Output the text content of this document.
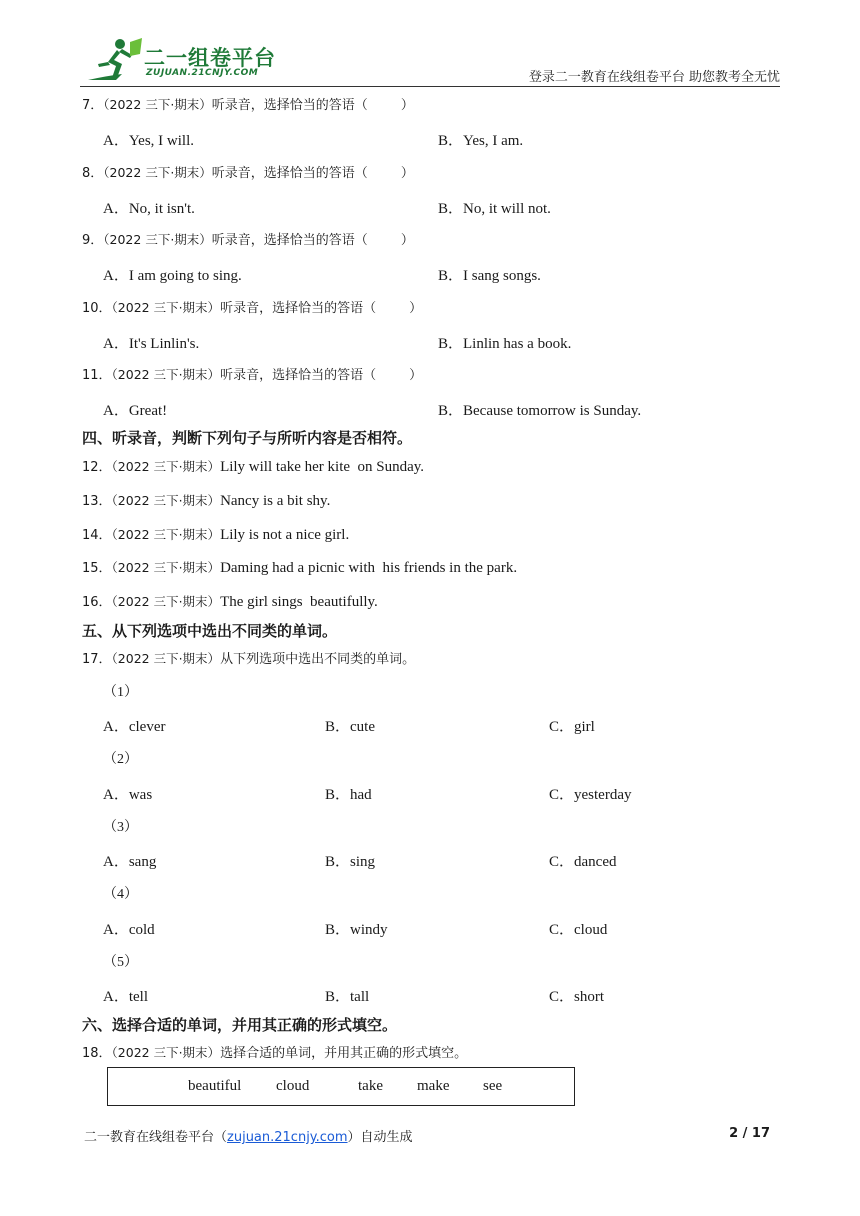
二一组卷平台
ZUJUAN.21CNJY.COM	登录二一教育在线组卷平台 助您教考全无忧
7．（2022 三下·期末）听录音，选择恰当的答语（        ）
A．Yes, I will.	B．Yes, I am.
8．（2022 三下·期末）听录音，选择恰当的答语（        ）
A．No, it isn't.	B．No, it will not.
9．（2022 三下·期末）听录音，选择恰当的答语（        ）
A．I am going to sing.	B．I sang songs.
10．（2022 三下·期末）听录音，选择恰当的答语（        ）
A．It's Linlin's.	B．Linlin has a book.
11．（2022 三下·期末）听录音，选择恰当的答语（        ）
A．Great!	B．Because tomorrow is Sunday.
四、听录音，判断下列句子与所听内容是否相符。
12．（2022 三下·期末）Lily will take her kite  on Sunday.
13．（2022 三下·期末）Nancy is a bit shy.
14．（2022 三下·期末）Lily is not a nice girl.
15．（2022 三下·期末）Daming had a picnic with  his friends in the park.
16．（2022 三下·期末）The girl sings  beautifully.
五、从下列选项中选出不同类的单词。
17．（2022 三下·期末）从下列选项中选出不同类的单词。
（1）
A．clever	B．cute	C．girl
（2）
A．was	B．had	C．yesterday
（3）
A．sang	B．sing	C．danced
（4）
A．cold	B．windy	C．cloud
（5）
A．tell	B．tall	C．short
六、选择合适的单词，并用其正确的形式填空。
18．（2022 三下·期末）选择合适的单词，并用其正确的形式填空。
beautiful cloud	take make see
二一教育在线组卷平台（zujuan.21cnjy.com）自动生成	2 / 17
